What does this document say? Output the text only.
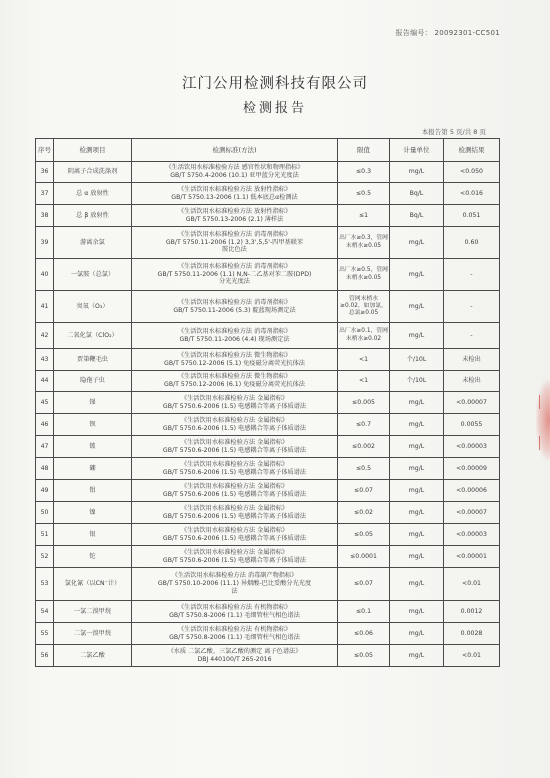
报告编号： 20092301-CC501
江门公用检测科技有限公司
检测报告
本报告第 5 页/共 8 页
序号	检测项目	检测标准(方法)	限值	计量单位	检测结果
36	阴离子合成洗涤剂	《生活饮用水标准检验方法 感官性状和物理指标》
GB/T 5750.4-2006 (10.1) 亚甲蓝分光光度法	≤0.3	mg/L	<0.050
37	总 α 放射性	《生活饮用水标准检验方法 放射性指标》
GB/T 5750.13-2006 (1.1) 低本底总α检测法	≤0.5	Bq/L	<0.016
38	总 β 放射性	《生活饮用水标准检验方法 放射性指标》
GB/T 5750.13-2006 (2.1) 薄样法	≤1	Bq/L	0.051
39	游离余氯	《生活饮用水标准检验方法 消毒剂指标》
GB/T 5750.11-2006 (1.2) 3,3',5,5'-四甲基联苯
胺比色法	出厂水≥0.3，管网末梢水≥0.05	mg/L	0.60
40	一氯胺（总氯）	《生活饮用水标准检验方法 消毒剂指标》
GB/T 5750.11-2006 (1.1) N,N-二乙基对苯二胺(DPD)
分光光度法	出厂水≥0.5，管网末梢水≥0.05	mg/L	-
41	臭氧（O₃）	《生活饮用水标准检验方法 消毒剂指标》
GB/T 5750.11-2006 (5.3) 靛蓝现场测定法	管网末梢水≥0.02，如加氯，总氯≥0.05	mg/L	-
42	二氧化氯（ClO₂）	《生活饮用水标准检验方法 消毒剂指标》
GB/T 5750.11-2006 (4.4) 现场测定法	出厂水≥0.1，管网末梢水≥0.02	mg/L	-
43	贾第鞭毛虫	《生活饮用水标准检验方法 微生物指标》
GB/T 5750.12-2006 (5.1) 免疫磁分离荧光抗体法	<1	个/10L	未检出
44	隐孢子虫	《生活饮用水标准检验方法 微生物指标》
GB/T 5750.12-2006 (6.1) 免疫磁分离荧光抗体法	<1	个/10L	未检出
45	锑	《生活饮用水标准检验方法 金属指标》
GB/T 5750.6-2006 (1.5) 电感耦合等离子体质谱法	≤0.005	mg/L	<0.00007
46	钡	《生活饮用水标准检验方法 金属指标》
GB/T 5750.6-2006 (1.5) 电感耦合等离子体质谱法	≤0.7	mg/L	0.0055
47	铍	《生活饮用水标准检验方法 金属指标》
GB/T 5750.6-2006 (1.5) 电感耦合等离子体质谱法	≤0.002	mg/L	<0.00003
48	硼	《生活饮用水标准检验方法 金属指标》
GB/T 5750.6-2006 (1.5) 电感耦合等离子体质谱法	≤0.5	mg/L	<0.00009
49	钼	《生活饮用水标准检验方法 金属指标》
GB/T 5750.6-2006 (1.5) 电感耦合等离子体质谱法	≤0.07	mg/L	<0.00006
50	镍	《生活饮用水标准检验方法 金属指标》
GB/T 5750.6-2006 (1.5) 电感耦合等离子体质谱法	≤0.02	mg/L	<0.00007
51	银	《生活饮用水标准检验方法 金属指标》
GB/T 5750.6-2006 (1.5) 电感耦合等离子体质谱法	≤0.05	mg/L	<0.00003
52	铊	《生活饮用水标准检验方法 金属指标》
GB/T 5750.6-2006 (1.5) 电感耦合等离子体质谱法	≤0.0001	mg/L	<0.00001
53	氯化氰（以CN⁻计）	《生活饮用水标准检验方法 消毒副产物指标》
GB/T 5750.10-2006 (11.1) 异烟酸-巴比妥酸分光光度
法	≤0.07	mg/L	<0.01
54	一氯二溴甲烷	《生活饮用水标准检验方法 有机物指标》
GB/T 5750.8-2006 (1.1) 毛细管柱气相色谱法	≤0.1	mg/L	0.0012
55	二氯一溴甲烷	《生活饮用水标准检验方法 有机物指标》
GB/T 5750.8-2006 (1.1) 毛细管柱气相色谱法	≤0.06	mg/L	0.0028
56	二氯乙酸	《水质 二氯乙酸、三氯乙酸的测定 离子色谱法》
DBJ 440100/T 265-2016	≤0.05	mg/L	<0.01
